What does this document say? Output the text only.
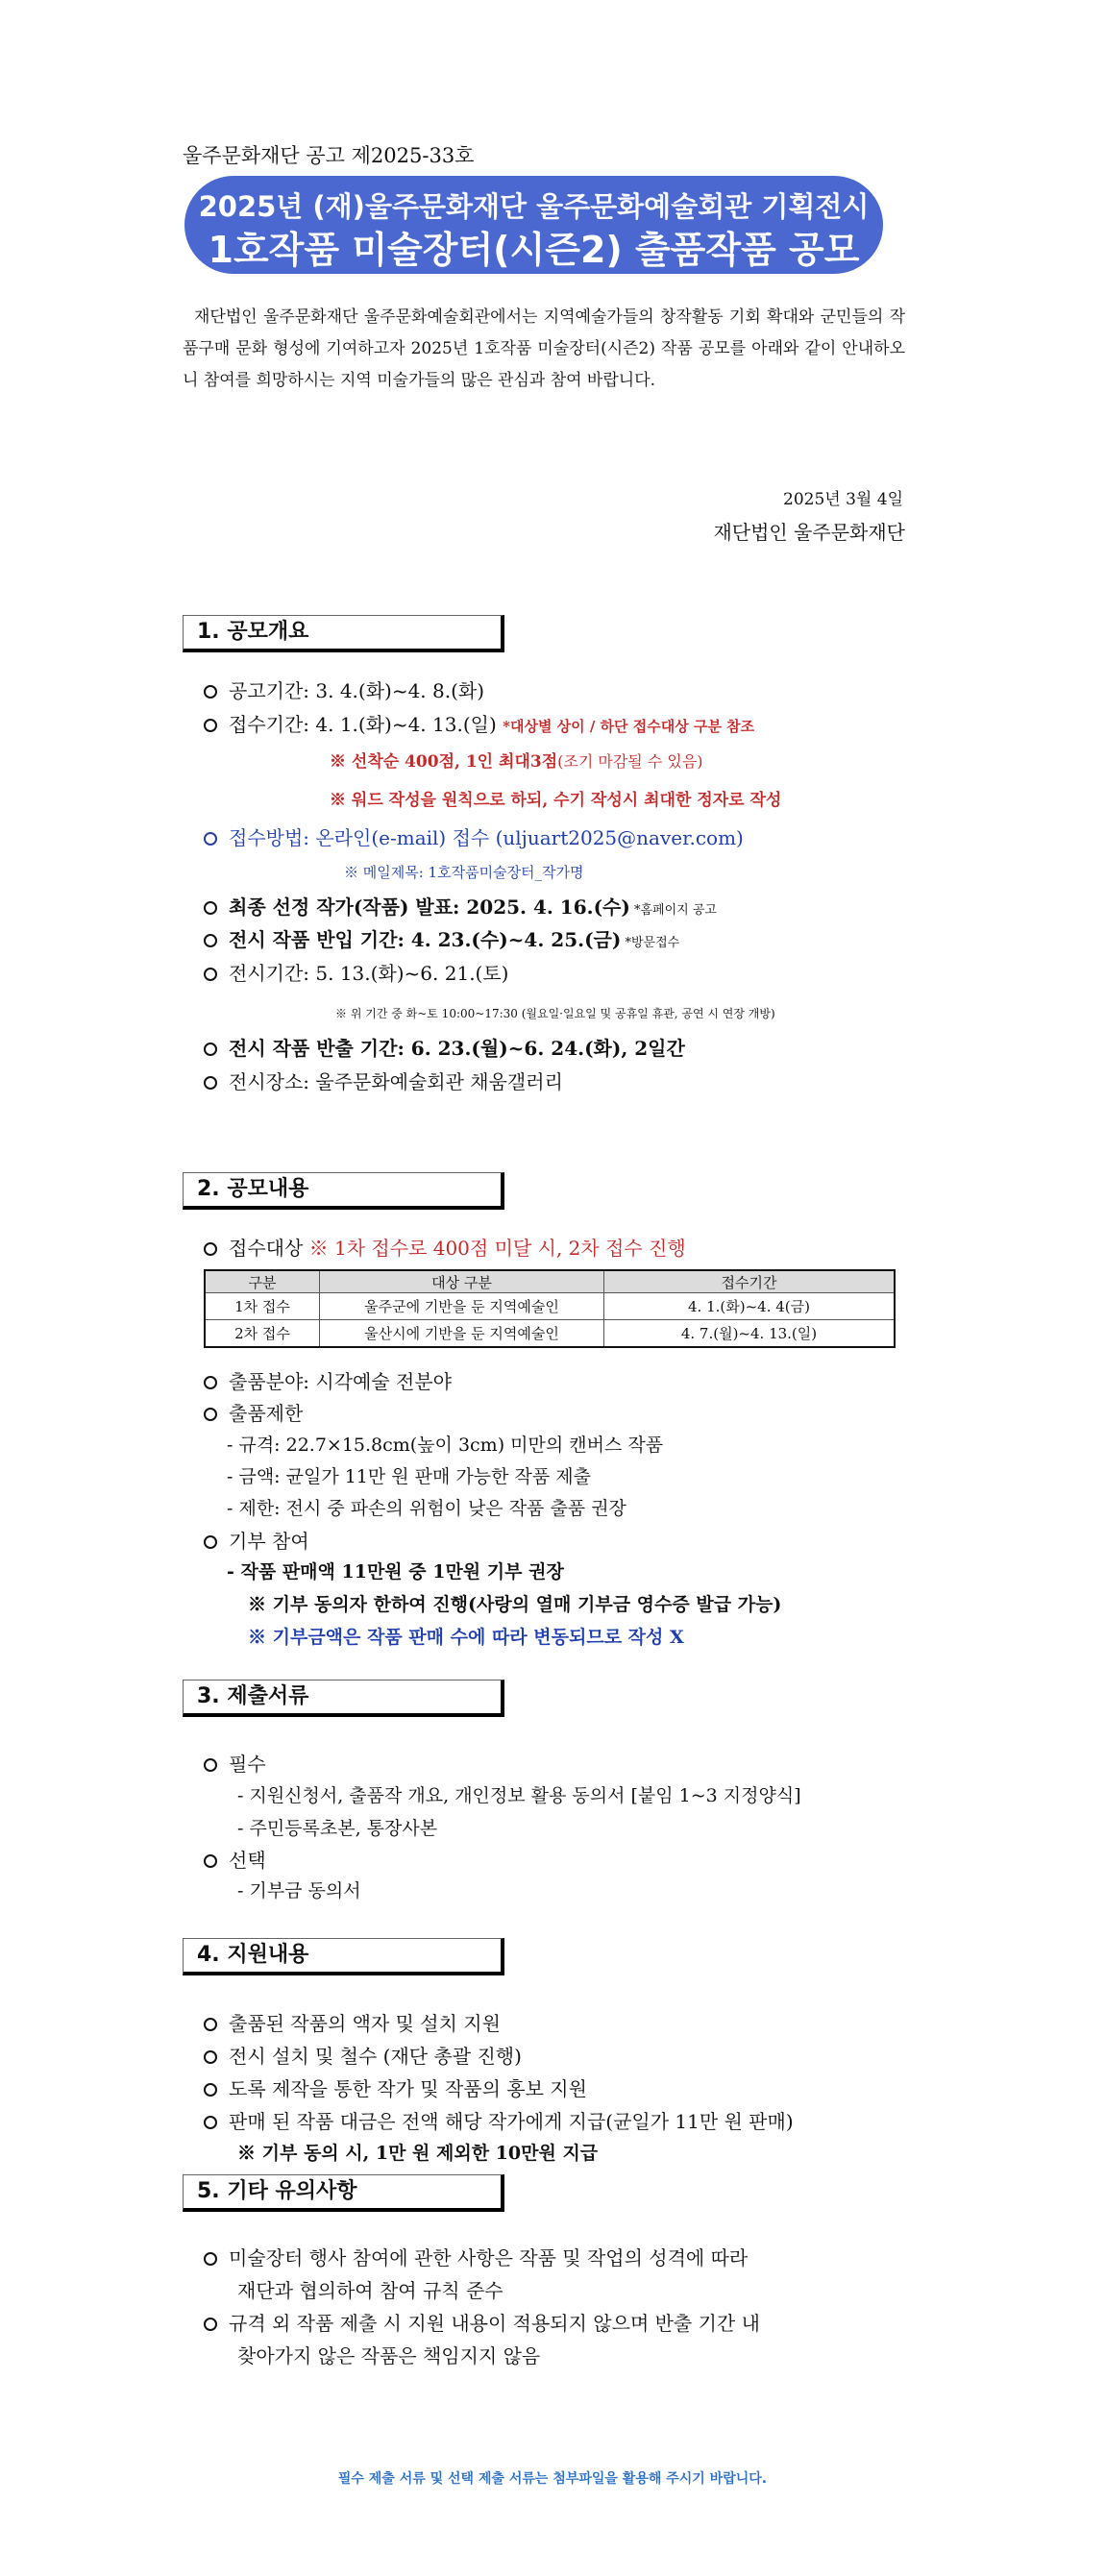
울주문화재단 공고 제2025-33호
2025년 (재)울주문화재단 울주문화예술회관 기획전시
1호작품 미술장터(시즌2) 출품작품 공모
재단법인 울주문화재단 울주문화예술회관에서는 지역예술가들의 창작활동 기회 확대와 군민들의 작품구매 문화 형성에 기여하고자 2025년 1호작품 미술장터(시즌2) 작품 공모를 아래와 같이 안내하오니 참여를 희망하시는 지역 미술가들의 많은 관심과 참여 바랍니다.
2025년 3월 4일
재단법인 울주문화재단
1. 공모개요
공고기간: 3. 4.(화)~4. 8.(화)
접수기간: 4. 1.(화)~4. 13.(일) *대상별 상이 / 하단 접수대상 구분 참조
※ 선착순 400점, 1인 최대3점(조기 마감될 수 있음)
※ 워드 작성을 원칙으로 하되, 수기 작성시 최대한 정자로 작성
접수방법: 온라인(e-mail) 접수 (uljuart2025@naver.com)
※ 메일제목: 1호작품미술장터_작가명
최종 선정 작가(작품) 발표: 2025. 4. 16.(수) *홈페이지 공고
전시 작품 반입 기간: 4. 23.(수)~4. 25.(금) *방문접수
전시기간: 5. 13.(화)~6. 21.(토)
※ 위 기간 중 화~토 10:00~17:30 (월요일·일요일 및 공휴일 휴관, 공연 시 연장 개방)
전시 작품 반출 기간: 6. 23.(월)~6. 24.(화), 2일간
전시장소: 울주문화예술회관 채움갤러리
2. 공모내용
접수대상 ※ 1차 접수로 400점 미달 시, 2차 접수 진행
구분	대상 구분	접수기간
1차 접수	울주군에 기반을 둔 지역예술인	4. 1.(화)~4. 4(금)
2차 접수	울산시에 기반을 둔 지역예술인	4. 7.(월)~4. 13.(일)
출품분야: 시각예술 전분야
출품제한
- 규격: 22.7×15.8cm(높이 3cm) 미만의 캔버스 작품
- 금액: 균일가 11만 원 판매 가능한 작품 제출
- 제한: 전시 중 파손의 위험이 낮은 작품 출품 권장
기부 참여
- 작품 판매액 11만원 중 1만원 기부 권장
※ 기부 동의자 한하여 진행(사랑의 열매 기부금 영수증 발급 가능)
※ 기부금액은 작품 판매 수에 따라 변동되므로 작성 X
3. 제출서류
필수
- 지원신청서, 출품작 개요, 개인정보 활용 동의서 [붙임 1~3 지정양식]
- 주민등록초본, 통장사본
선택
- 기부금 동의서
4. 지원내용
출품된 작품의 액자 및 설치 지원
전시 설치 및 철수 (재단 총괄 진행)
도록 제작을 통한 작가 및 작품의 홍보 지원
판매 된 작품 대금은 전액 해당 작가에게 지급(균일가 11만 원 판매)
※ 기부 동의 시, 1만 원 제외한 10만원 지급
5. 기타 유의사항
미술장터 행사 참여에 관한 사항은 작품 및 작업의 성격에 따라
재단과 협의하여 참여 규칙 준수
규격 외 작품 제출 시 지원 내용이 적용되지 않으며 반출 기간 내
찾아가지 않은 작품은 책임지지 않음
필수 제출 서류 및 선택 제출 서류는 첨부파일을 활용해 주시기 바랍니다.
